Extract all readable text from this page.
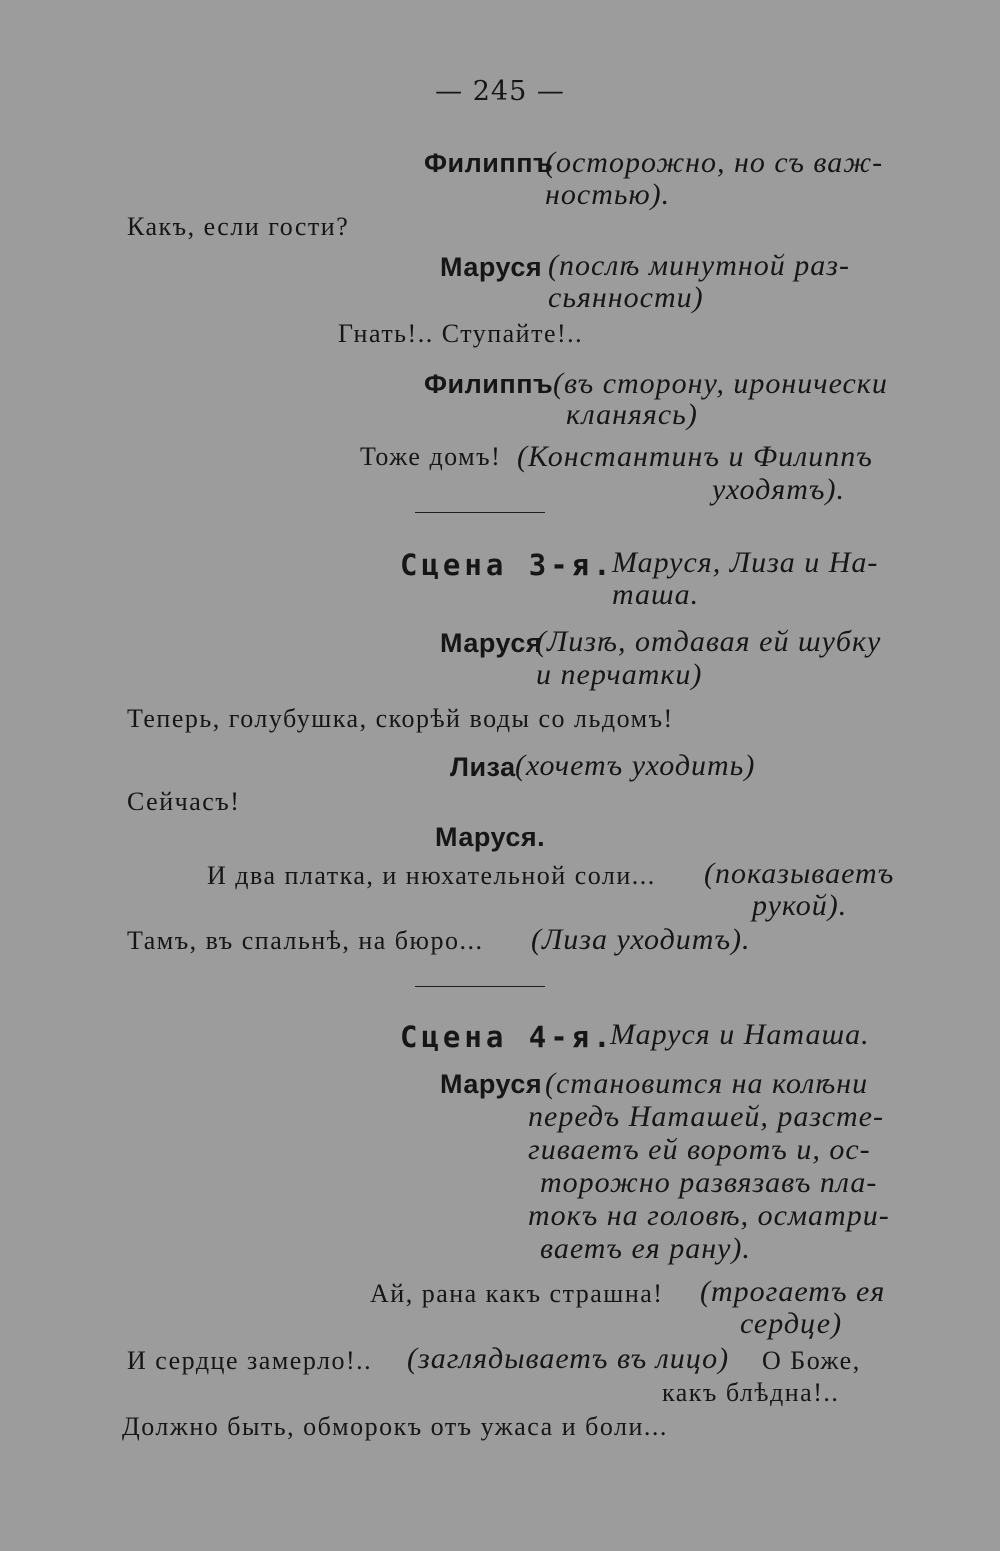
— 245 —
Филиппъ
(осторожно, но съ важ-
ностью).
Какъ, если гости?
Маруся (послѣ минутной раз-
сьянности)
Гнать!.. Ступайте!..
Филиппъ (въ сторону, иронически
кланяясь)
Тоже домъ! (Константинъ и Филиппъ
уходятъ).
Сцена 3-я.
Маруся, Лиза и На-
таша.
Маруся
(Лизѣ, отдавая ей шубку
и перчатки)
Теперь, голубушка, скорѣй воды со льдомъ!
Лиза (хочетъ уходить)
Сейчасъ!
Маруся.
И два платка, и нюхательной соли... (показываетъ
рукой).
Тамъ, въ спальнѣ, на бюро... (Лиза уходитъ).
Сцена 4-я.
Маруся и Наташа.
Маруся (становится на колѣни
передъ Наташей, разсте-
гиваетъ ей воротъ и, ос-
торожно развязавъ пла-
токъ на головѣ, осматри-
ваетъ ея рану).
Ай, рана какъ страшна! (трогаетъ ея
сердце)
И сердце замерло!.. (заглядываетъ въ лицо) О Боже,
какъ блѣдна!..
Должно быть, обморокъ отъ ужаса и боли...
